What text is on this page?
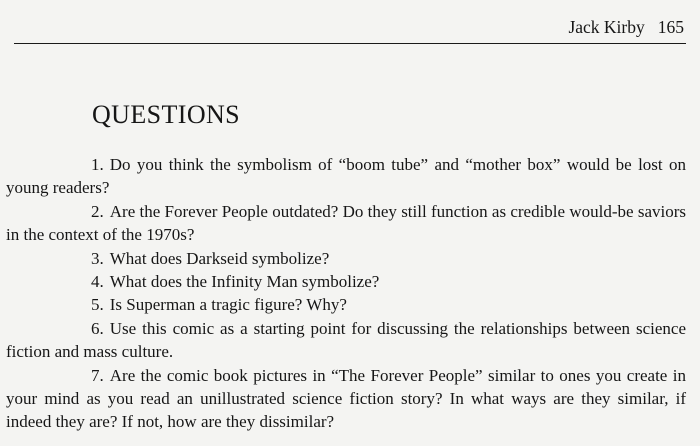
Jack Kirby 165
QUESTIONS

1. Do you think the symbolism of “boom tube” and “mother box” would be lost on young readers?

2. Are the Forever People outdated? Do they still function as credible would-be saviors in the context of the 1970s?

3. What does Darkseid symbolize?

4. What does the Infinity Man symbolize?

5. Is Superman a tragic figure? Why?

6. Use this comic as a starting point for discussing the relationships between science fiction and mass culture.

7. Are the comic book pictures in “The Forever People” similar to ones you create in your mind as you read an unillustrated science fiction story? In what ways are they similar, if indeed they are? If not, how are they dissimilar?
